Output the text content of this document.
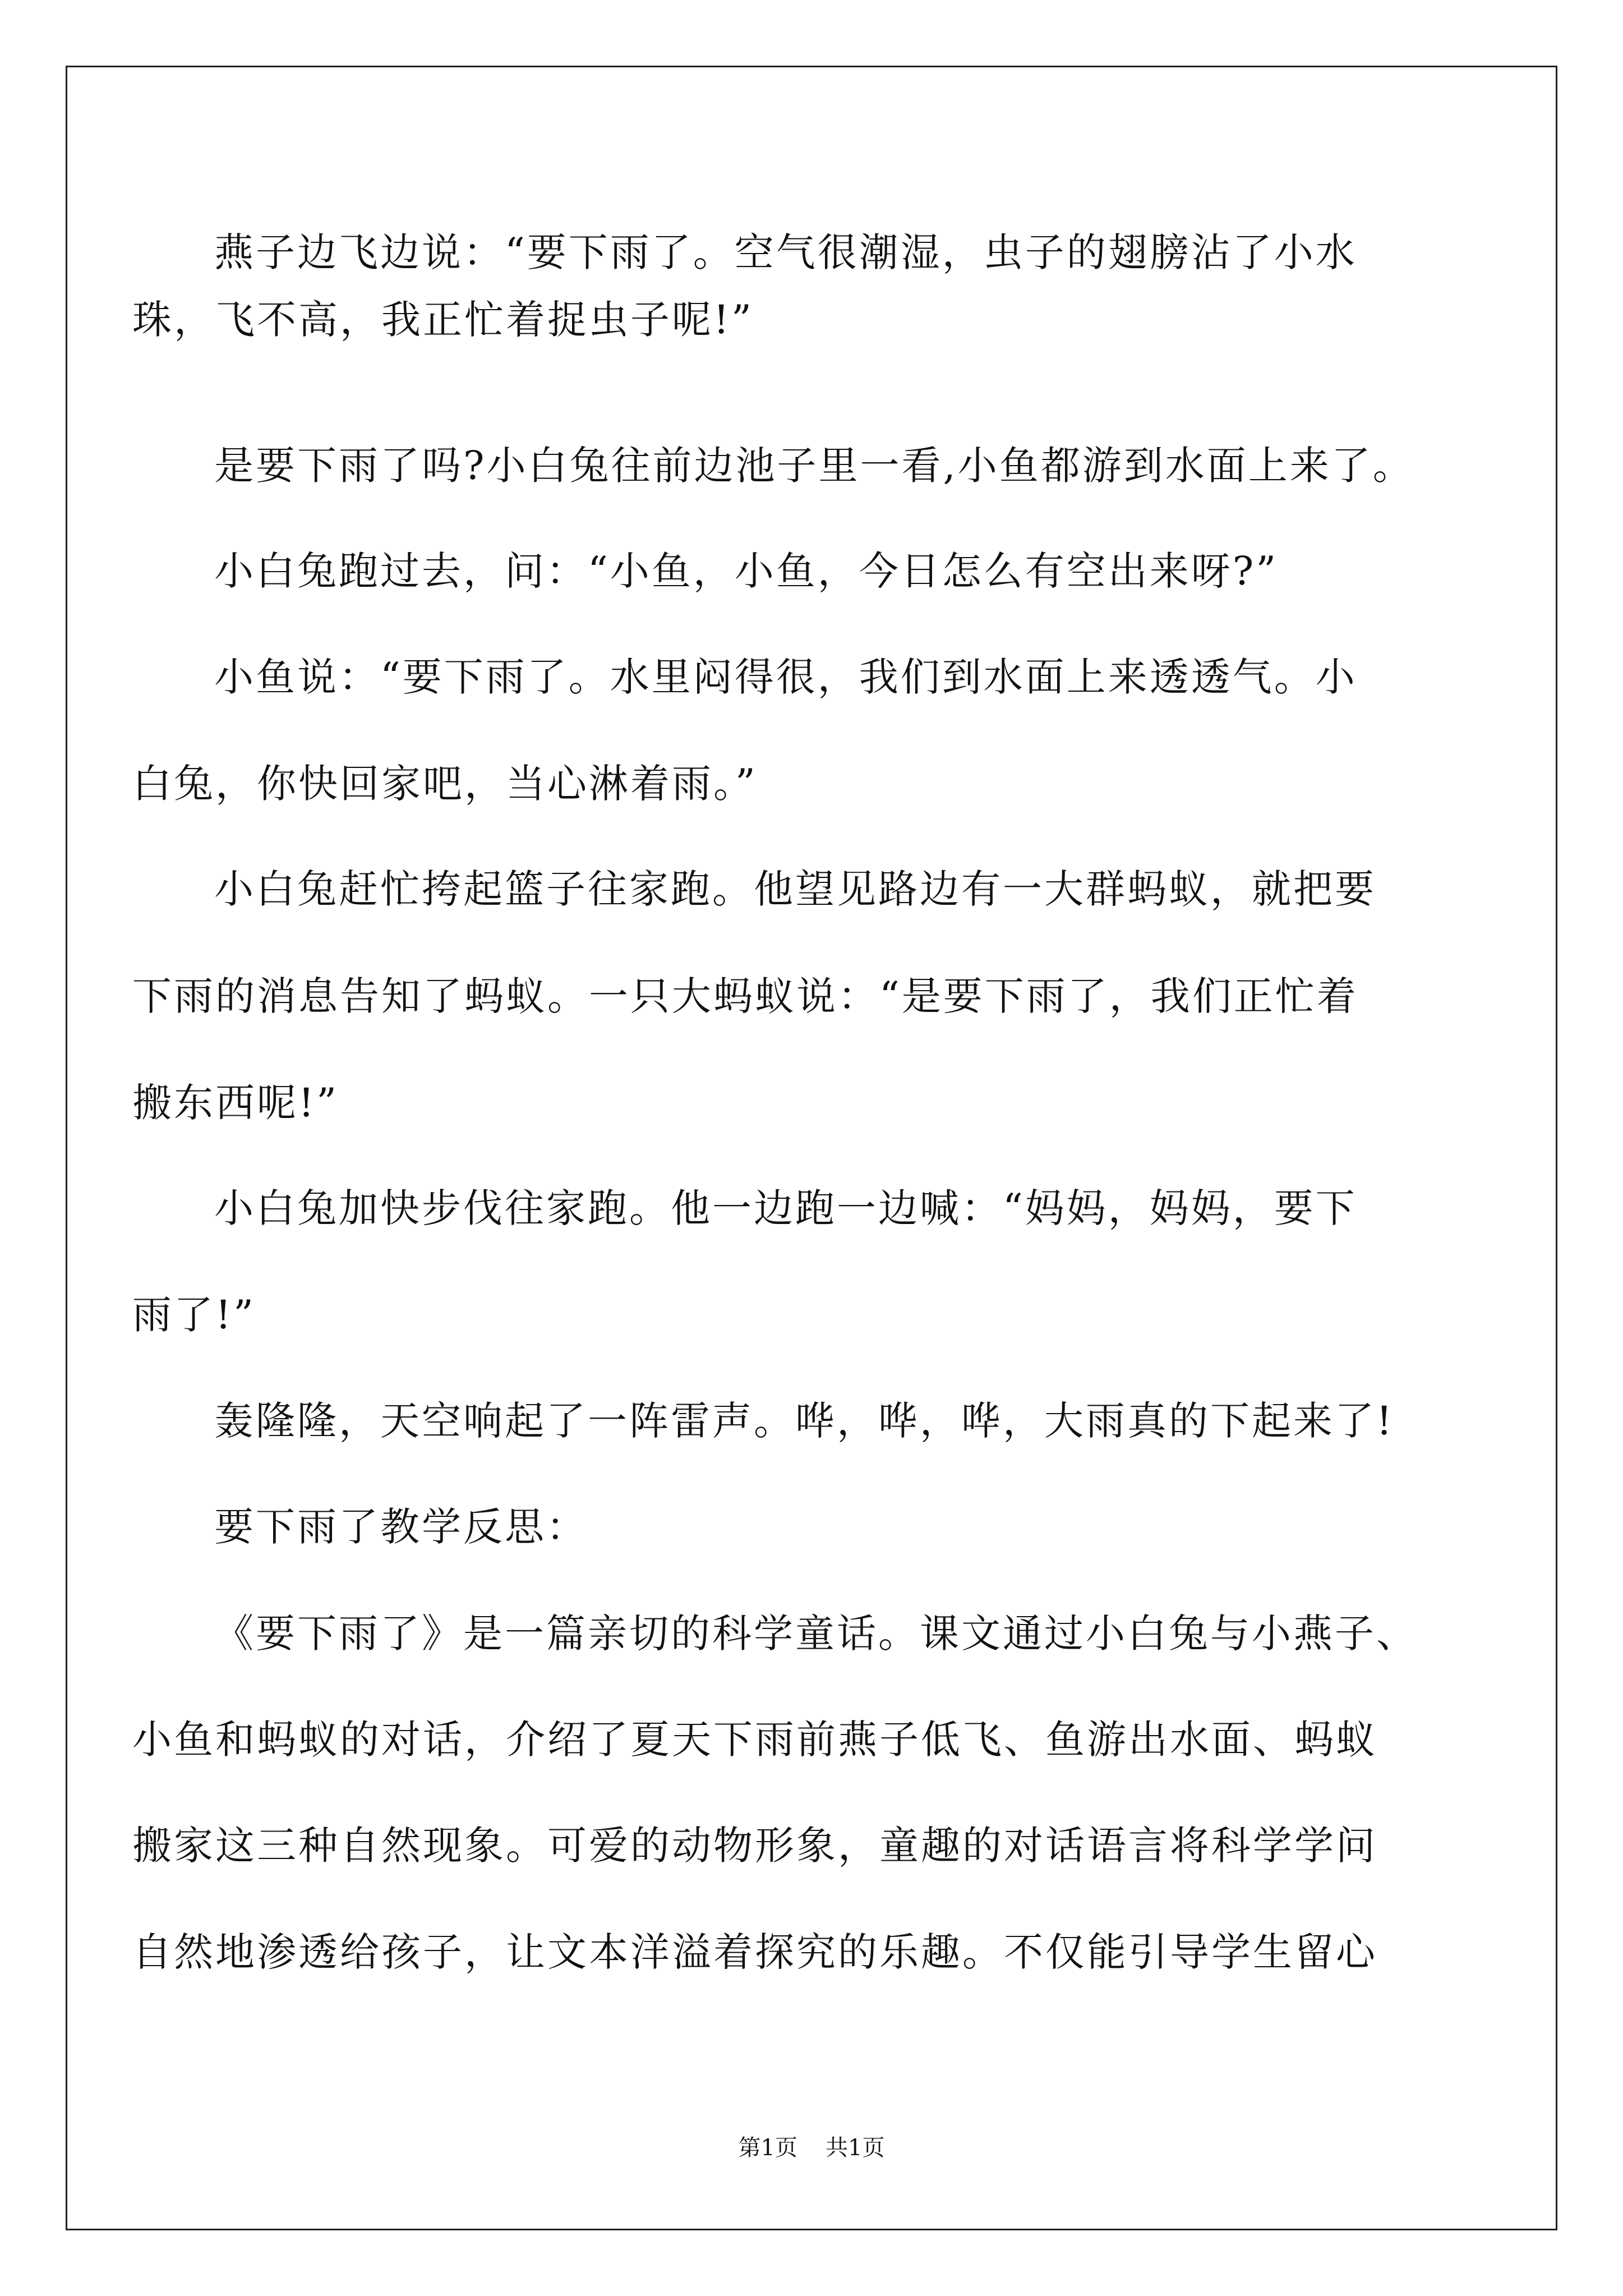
燕子边飞边说：“要下雨了。空气很潮湿，虫子的翅膀沾了小水
珠，飞不高，我正忙着捉虫子呢!”
是要下雨了吗?小白兔往前边池子里一看,小鱼都游到水面上来了。
小白兔跑过去，问：“小鱼，小鱼，今日怎么有空出来呀?”
小鱼说：“要下雨了。水里闷得很，我们到水面上来透透气。小
白兔，你快回家吧，当心淋着雨。”
小白兔赶忙挎起篮子往家跑。他望见路边有一大群蚂蚁，就把要
下雨的消息告知了蚂蚁。一只大蚂蚁说：“是要下雨了，我们正忙着
搬东西呢!”
小白兔加快步伐往家跑。他一边跑一边喊：“妈妈，妈妈，要下
雨了!”
轰隆隆，天空响起了一阵雷声。哗，哗，哗，大雨真的下起来了!
要下雨了教学反思：
《要下雨了》是一篇亲切的科学童话。课文通过小白兔与小燕子、
小鱼和蚂蚁的对话，介绍了夏天下雨前燕子低飞、鱼游出水面、蚂蚁
搬家这三种自然现象。可爱的动物形象，童趣的对话语言将科学学问
自然地渗透给孩子，让文本洋溢着探究的乐趣。不仅能引导学生留心
第1页 共1页
